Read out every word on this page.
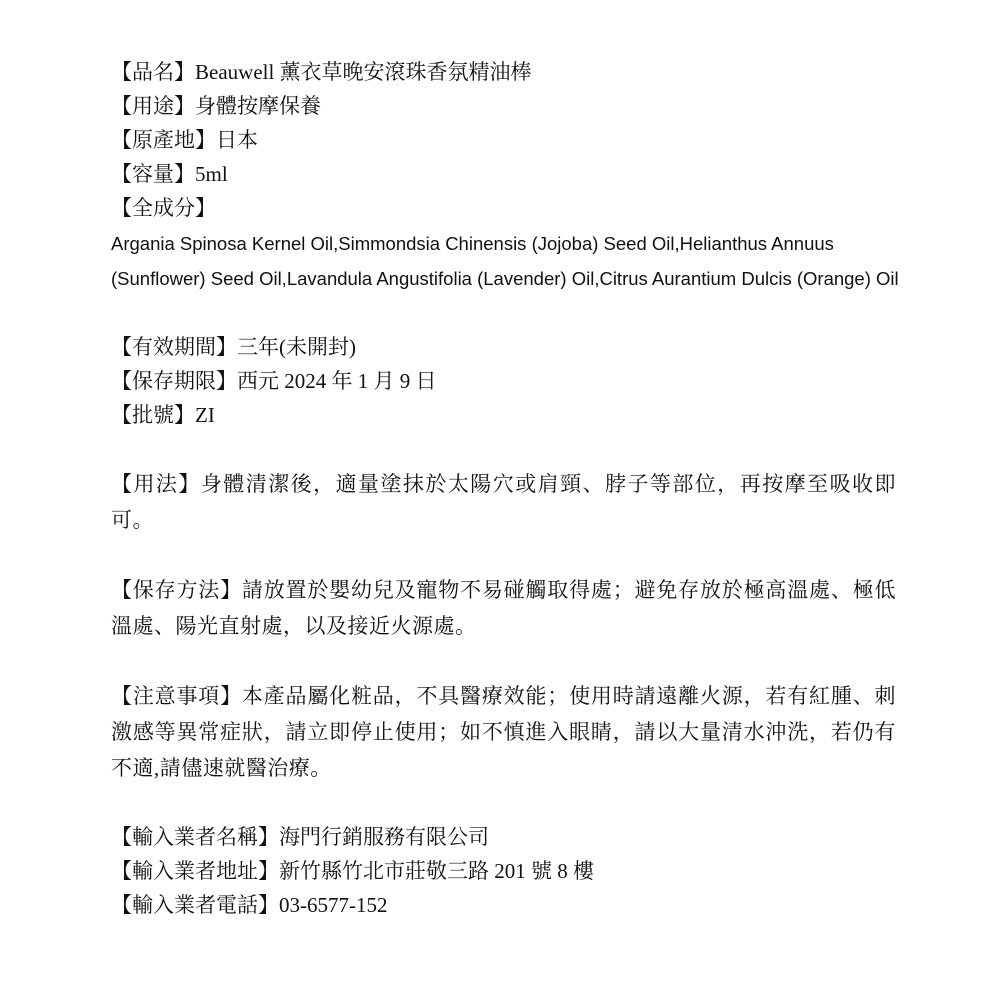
【品名】Beauwell 薰衣草晚安滾珠香氛精油棒
【用途】身體按摩保養
【原產地】日本
【容量】5ml
【全成分】
Argania Spinosa Kernel Oil,Simmondsia Chinensis (Jojoba) Seed Oil,Helianthus Annuus (Sunflower) Seed Oil,Lavandula Angustifolia (Lavender) Oil,Citrus Aurantium Dulcis (Orange) Oil
【有效期間】三年(未開封)
【保存期限】西元 2024 年 1 月 9 日
【批號】ZI
【用法】身體清潔後，適量塗抹於太陽穴或肩頸、脖子等部位，再按摩至吸收即可。
【保存方法】請放置於嬰幼兒及寵物不易碰觸取得處；避免存放於極高溫處、極低溫處、陽光直射處，以及接近火源處。
【注意事項】本產品屬化粧品，不具醫療效能；使用時請遠離火源，若有紅腫、刺激感等異常症狀，請立即停止使用；如不慎進入眼睛，請以大量清水沖洗，若仍有不適,請儘速就醫治療。
【輸入業者名稱】海門行銷服務有限公司
【輸入業者地址】新竹縣竹北市莊敬三路 201 號 8 樓
【輸入業者電話】03-6577-152
